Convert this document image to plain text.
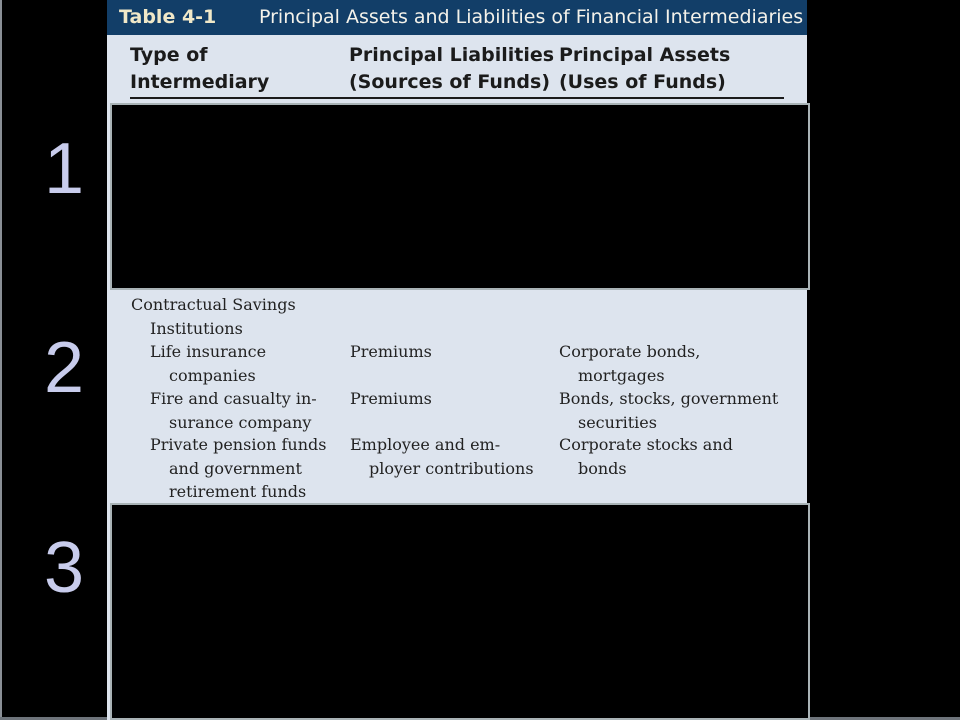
1
2
3
Table 4-1 Principal Assets and Liabilities of Financial Intermediaries
Type of
Intermediary
Principal Liabilities
(Sources of Funds)
Principal Assets
(Uses of Funds)
Contractual Savings
Institutions
Life insurance
companies
Premiums	Corporate bonds,
mortgages
Fire and casualty in-
surance company
Premiums	Bonds, stocks, government
securities
Private pension funds
and government
retirement funds
Employee and em-
ployer contributions
Corporate stocks and
bonds
